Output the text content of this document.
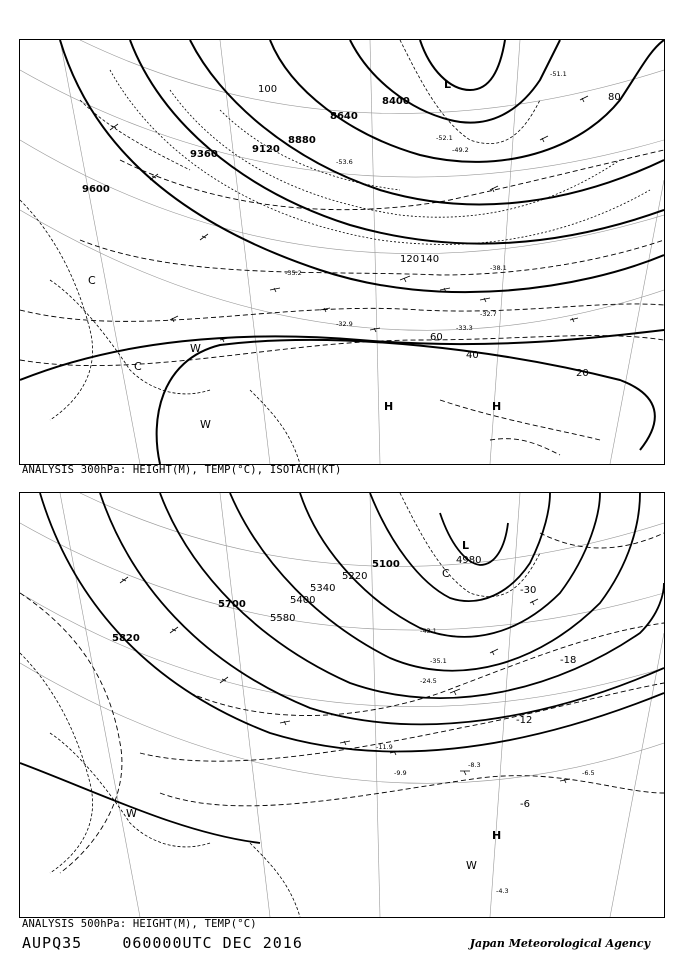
9600
9360	9120
8880
8640
8400
20
40
60
100
120 140
80
-33.3
-32.7
-32.9
-35.2
-38.1
-51.1
-53.6
-52.1
-49.2
H	H
L
C
C
W
W
ANALYSIS 300hPa: HEIGHT(M), TEMP(°C), ISOTACH(KT)
5820
5700
5580
5400
5340
5220
5100	4980
-6
-12
-18
-30
-8.3
-6.5
-4.3
-9.9
-11.9
-24.5
-35.1
-43.1
H
L
C
W
W
ANALYSIS 500hPa: HEIGHT(M), TEMP(°C)
AUPQ35	060000UTC DEC 2016	Japan Meteorological Agency
